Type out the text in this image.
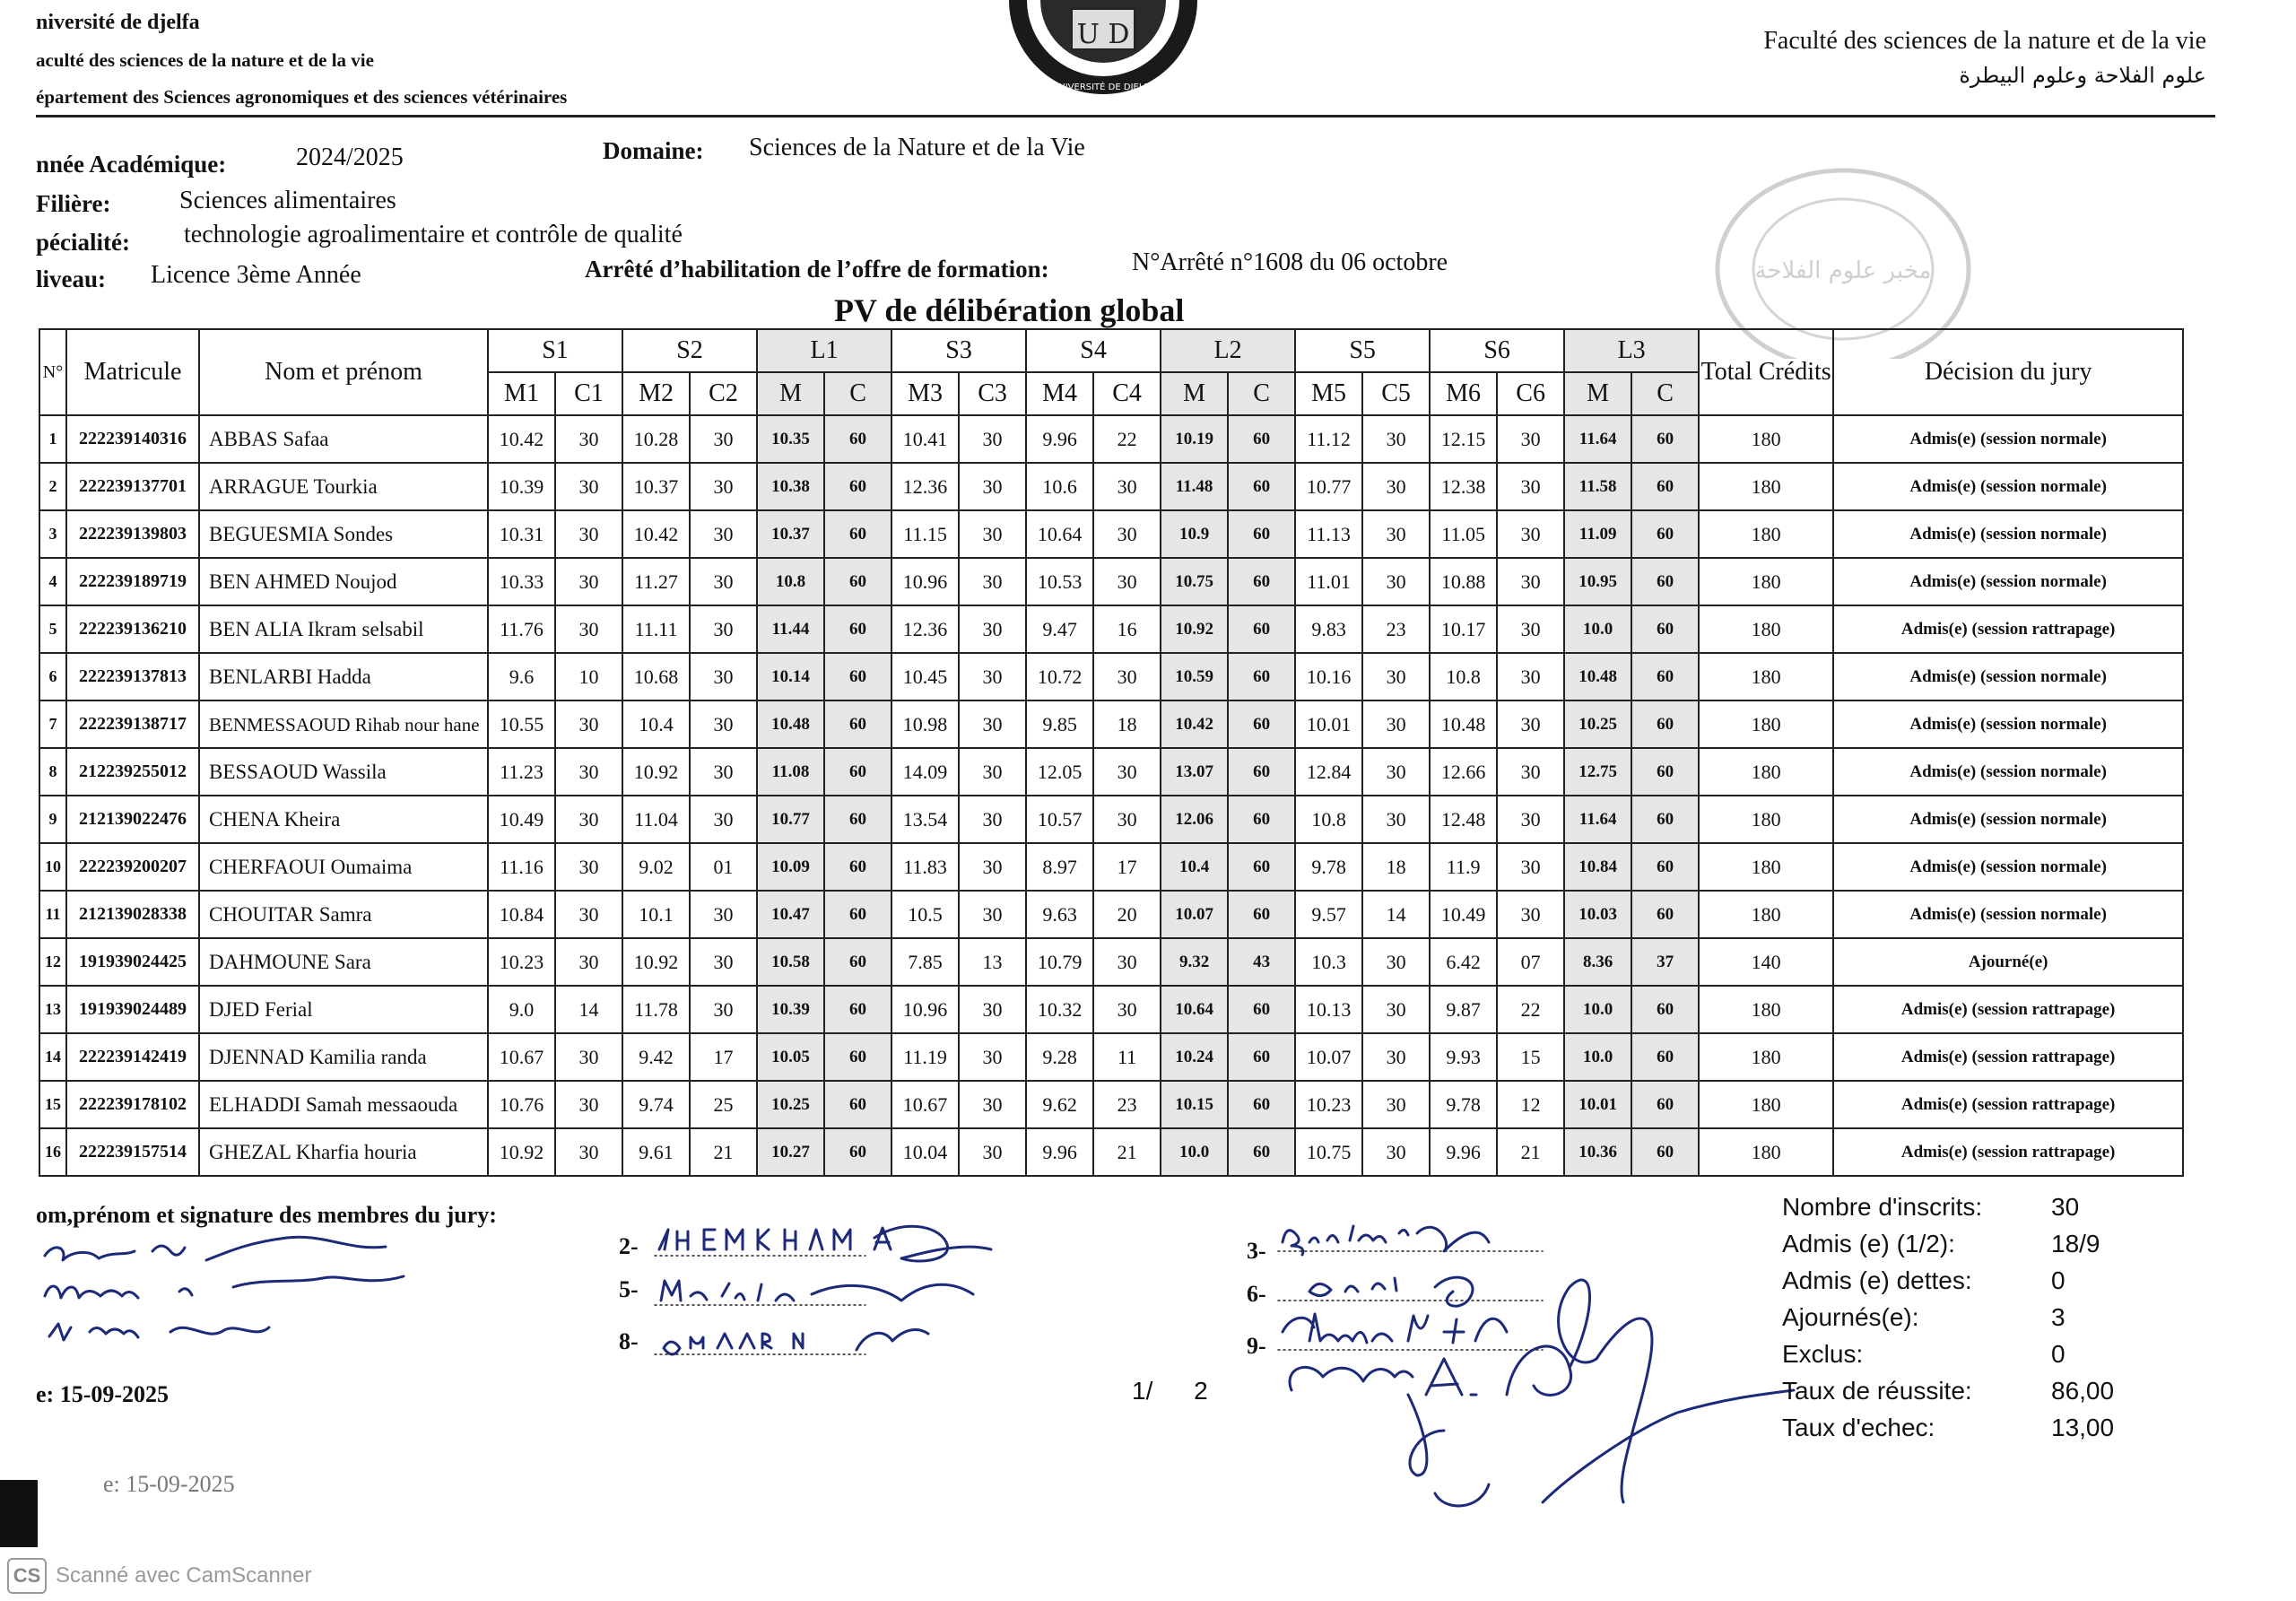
niversité de djelfa
aculté des sciences de la nature et de la vie
épartement des Sciences agronomiques et des sciences vétérinaires
U D
UNIVERSITÉ DE DJELFA
Faculté des sciences de la nature et de la vie
علوم الفلاحة وعلوم البيطرة
مخبر علوم الفلاحة
nnée Académique:	2024/2025	Domaine: Sciences de la Nature et de la Vie
Filière:	Sciences alimentaires
pécialité: technologie agroalimentaire et contrôle de qualité
liveau: Licence 3ème Année	Arrêté d’habilitation de l’offre de formation:	N°Arrêté n°1608 du 06 octobre
PV de délibération global
N°	Matricule	Nom et prénom	S1		S2		L1		S3		S4		L2		S5		S6		L3		Total Crédits	Décision du jury
			M1	C1	M2	C2	M	C	M3	C3	M4	C4	M	C	M5	C5	M6	C6	M	C		
1	222239140316	ABBAS Safaa	10.42	30	10.28	30	10.35	60	10.41	30	9.96	22	10.19	60	11.12	30	12.15	30	11.64	60	180	Admis(e) (session normale)
2	222239137701	ARRAGUE Tourkia	10.39	30	10.37	30	10.38	60	12.36	30	10.6	30	11.48	60	10.77	30	12.38	30	11.58	60	180	Admis(e) (session normale)
3	222239139803	BEGUESMIA Sondes	10.31	30	10.42	30	10.37	60	11.15	30	10.64	30	10.9	60	11.13	30	11.05	30	11.09	60	180	Admis(e) (session normale)
4	222239189719	BEN AHMED Noujod	10.33	30	11.27	30	10.8	60	10.96	30	10.53	30	10.75	60	11.01	30	10.88	30	10.95	60	180	Admis(e) (session normale)
5	222239136210	BEN ALIA Ikram selsabil	11.76	30	11.11	30	11.44	60	12.36	30	9.47	16	10.92	60	9.83	23	10.17	30	10.0	60	180	Admis(e) (session rattrapage)
6	222239137813	BENLARBI Hadda	9.6	10	10.68	30	10.14	60	10.45	30	10.72	30	10.59	60	10.16	30	10.8	30	10.48	60	180	Admis(e) (session normale)
7	222239138717	BENMESSAOUD Rihab nour hane	10.55	30	10.4	30	10.48	60	10.98	30	9.85	18	10.42	60	10.01	30	10.48	30	10.25	60	180	Admis(e) (session normale)
8	212239255012	BESSAOUD Wassila	11.23	30	10.92	30	11.08	60	14.09	30	12.05	30	13.07	60	12.84	30	12.66	30	12.75	60	180	Admis(e) (session normale)
9	212139022476	CHENA Kheira	10.49	30	11.04	30	10.77	60	13.54	30	10.57	30	12.06	60	10.8	30	12.48	30	11.64	60	180	Admis(e) (session normale)
10	222239200207	CHERFAOUI Oumaima	11.16	30	9.02	01	10.09	60	11.83	30	8.97	17	10.4	60	9.78	18	11.9	30	10.84	60	180	Admis(e) (session normale)
11	212139028338	CHOUITAR Samra	10.84	30	10.1	30	10.47	60	10.5	30	9.63	20	10.07	60	9.57	14	10.49	30	10.03	60	180	Admis(e) (session normale)
12	191939024425	DAHMOUNE Sara	10.23	30	10.92	30	10.58	60	7.85	13	10.79	30	9.32	43	10.3	30	6.42	07	8.36	37	140	Ajourné(e)
13	191939024489	DJED Ferial	9.0	14	11.78	30	10.39	60	10.96	30	10.32	30	10.64	60	10.13	30	9.87	22	10.0	60	180	Admis(e) (session rattrapage)
14	222239142419	DJENNAD Kamilia randa	10.67	30	9.42	17	10.05	60	11.19	30	9.28	11	10.24	60	10.07	30	9.93	15	10.0	60	180	Admis(e) (session rattrapage)
15	222239178102	ELHADDI Samah messaouda	10.76	30	9.74	25	10.25	60	10.67	30	9.62	23	10.15	60	10.23	30	9.78	12	10.01	60	180	Admis(e) (session rattrapage)
16	222239157514	GHEZAL Kharfia houria	10.92	30	9.61	21	10.27	60	10.04	30	9.96	21	10.0	60	10.75	30	9.96	21	10.36	60	180	Admis(e) (session rattrapage)
om,prénom et signature des membres du jury:
2-
5-
8-
3-
6-
9-
e: 15-09-2025
e: 15-09-2025
1/ 2
Nombre d'inscrits:	30
Admis (e) (1/2):	18/9
Admis (e) dettes:	0
Ajournés(e):	3
Exclus:	0
Taux de réussite:	86,00
Taux d'echec:	13,00
CS Scanné avec CamScanner
